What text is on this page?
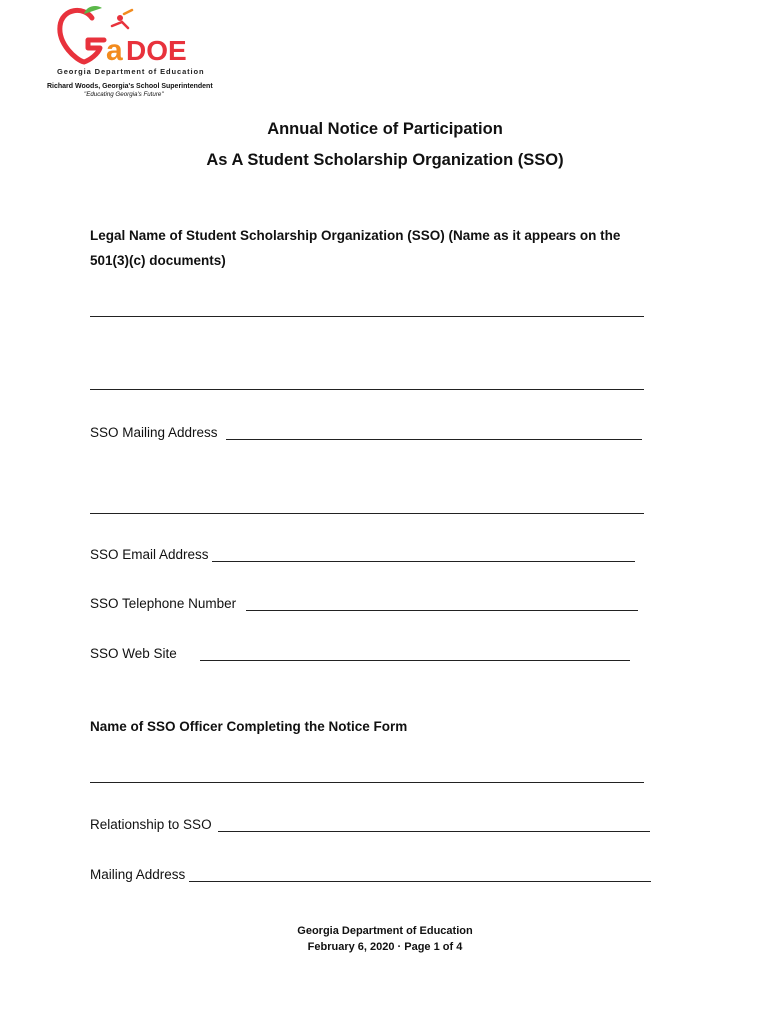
a DOE
Georgia Department of Education
Richard Woods, Georgia's School Superintendent
"Educating Georgia's Future"
Annual Notice of Participation
As A Student Scholarship Organization (SSO)
Legal Name of Student Scholarship Organization (SSO) (Name as it appears on the
501(3)(c) documents)
SSO Mailing Address
SSO Email Address
SSO Telephone Number
SSO Web Site
Name of SSO Officer Completing the Notice Form
Relationship to SSO
Mailing Address
Georgia Department of Education
February 6, 2020 · Page 1 of 4
